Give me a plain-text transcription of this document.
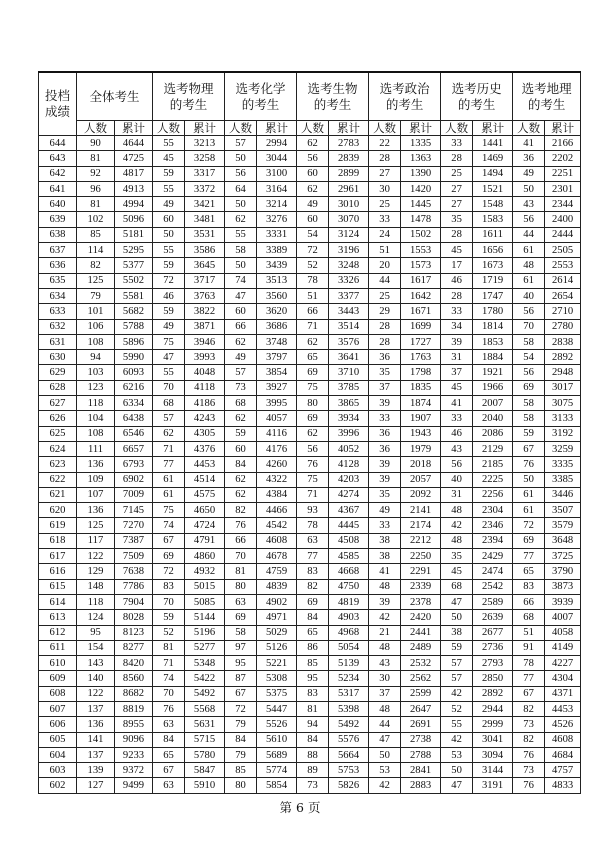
投档成绩	全体考生		选考物理的考生		选考化学的考生		选考生物的考生		选考政治的考生		选考历史的考生		选考地理的考生	
	人数	累计	人数	累计	人数	累计	人数	累计	人数	累计	人数	累计	人数	累计
644	90	4644	55	3213	57	2994	62	2783	22	1335	33	1441	41	2166
643	81	4725	45	3258	50	3044	56	2839	28	1363	28	1469	36	2202
642	92	4817	59	3317	56	3100	60	2899	27	1390	25	1494	49	2251
641	96	4913	55	3372	64	3164	62	2961	30	1420	27	1521	50	2301
640	81	4994	49	3421	50	3214	49	3010	25	1445	27	1548	43	2344
639	102	5096	60	3481	62	3276	60	3070	33	1478	35	1583	56	2400
638	85	5181	50	3531	55	3331	54	3124	24	1502	28	1611	44	2444
637	114	5295	55	3586	58	3389	72	3196	51	1553	45	1656	61	2505
636	82	5377	59	3645	50	3439	52	3248	20	1573	17	1673	48	2553
635	125	5502	72	3717	74	3513	78	3326	44	1617	46	1719	61	2614
634	79	5581	46	3763	47	3560	51	3377	25	1642	28	1747	40	2654
633	101	5682	59	3822	60	3620	66	3443	29	1671	33	1780	56	2710
632	106	5788	49	3871	66	3686	71	3514	28	1699	34	1814	70	2780
631	108	5896	75	3946	62	3748	62	3576	28	1727	39	1853	58	2838
630	94	5990	47	3993	49	3797	65	3641	36	1763	31	1884	54	2892
629	103	6093	55	4048	57	3854	69	3710	35	1798	37	1921	56	2948
628	123	6216	70	4118	73	3927	75	3785	37	1835	45	1966	69	3017
627	118	6334	68	4186	68	3995	80	3865	39	1874	41	2007	58	3075
626	104	6438	57	4243	62	4057	69	3934	33	1907	33	2040	58	3133
625	108	6546	62	4305	59	4116	62	3996	36	1943	46	2086	59	3192
624	111	6657	71	4376	60	4176	56	4052	36	1979	43	2129	67	3259
623	136	6793	77	4453	84	4260	76	4128	39	2018	56	2185	76	3335
622	109	6902	61	4514	62	4322	75	4203	39	2057	40	2225	50	3385
621	107	7009	61	4575	62	4384	71	4274	35	2092	31	2256	61	3446
620	136	7145	75	4650	82	4466	93	4367	49	2141	48	2304	61	3507
619	125	7270	74	4724	76	4542	78	4445	33	2174	42	2346	72	3579
618	117	7387	67	4791	66	4608	63	4508	38	2212	48	2394	69	3648
617	122	7509	69	4860	70	4678	77	4585	38	2250	35	2429	77	3725
616	129	7638	72	4932	81	4759	83	4668	41	2291	45	2474	65	3790
615	148	7786	83	5015	80	4839	82	4750	48	2339	68	2542	83	3873
614	118	7904	70	5085	63	4902	69	4819	39	2378	47	2589	66	3939
613	124	8028	59	5144	69	4971	84	4903	42	2420	50	2639	68	4007
612	95	8123	52	5196	58	5029	65	4968	21	2441	38	2677	51	4058
611	154	8277	81	5277	97	5126	86	5054	48	2489	59	2736	91	4149
610	143	8420	71	5348	95	5221	85	5139	43	2532	57	2793	78	4227
609	140	8560	74	5422	87	5308	95	5234	30	2562	57	2850	77	4304
608	122	8682	70	5492	67	5375	83	5317	37	2599	42	2892	67	4371
607	137	8819	76	5568	72	5447	81	5398	48	2647	52	2944	82	4453
606	136	8955	63	5631	79	5526	94	5492	44	2691	55	2999	73	4526
605	141	9096	84	5715	84	5610	84	5576	47	2738	42	3041	82	4608
604	137	9233	65	5780	79	5689	88	5664	50	2788	53	3094	76	4684
603	139	9372	67	5847	85	5774	89	5753	53	2841	50	3144	73	4757
602	127	9499	63	5910	80	5854	73	5826	42	2883	47	3191	76	4833
第 6 页
